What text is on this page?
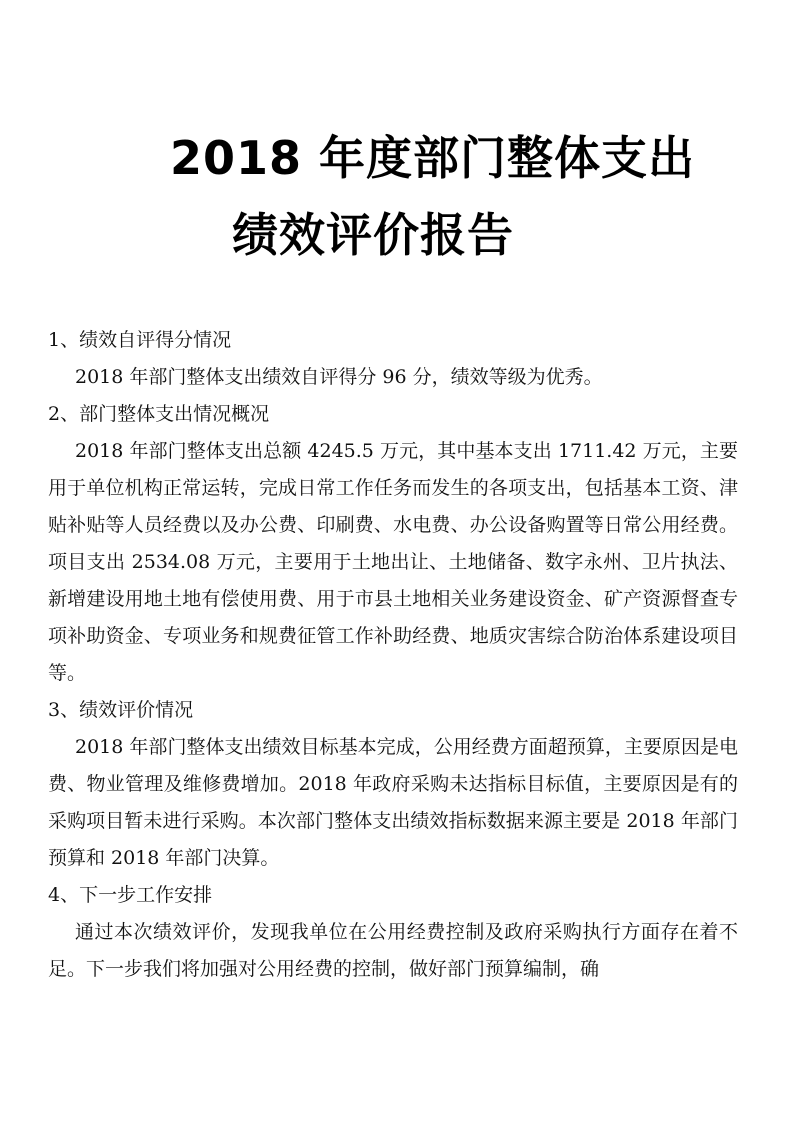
2018 年度部门整体支出
绩效评价报告

1、绩效自评得分情况

2018 年部门整体支出绩效自评得分 96 分，绩效等级为优秀。

2、部门整体支出情况概况

2018 年部门整体支出总额 4245.5 万元，其中基本支出 1711.42 万元，主要用于单位机构正常运转，完成日常工作任务而发生的各项支出，包括基本工资、津贴补贴等人员经费以及办公费、印刷费、水电费、办公设备购置等日常公用经费。项目支出 2534.08 万元，主要用于土地出让、土地储备、数字永州、卫片执法、新增建设用地土地有偿使用费、用于市县土地相关业务建设资金、矿产资源督查专项补助资金、专项业务和规费征管工作补助经费、地质灾害综合防治体系建设项目等。

3、绩效评价情况

2018 年部门整体支出绩效目标基本完成，公用经费方面超预算，主要原因是电费、物业管理及维修费增加。2018 年政府采购未达指标目标值，主要原因是有的采购项目暂未进行采购。本次部门整体支出绩效指标数据来源主要是 2018 年部门预算和 2018 年部门决算。

4、下一步工作安排

通过本次绩效评价，发现我单位在公用经费控制及政府采购执行方面存在着不足。下一步我们将加强对公用经费的控制，做好部门预算编制，确
